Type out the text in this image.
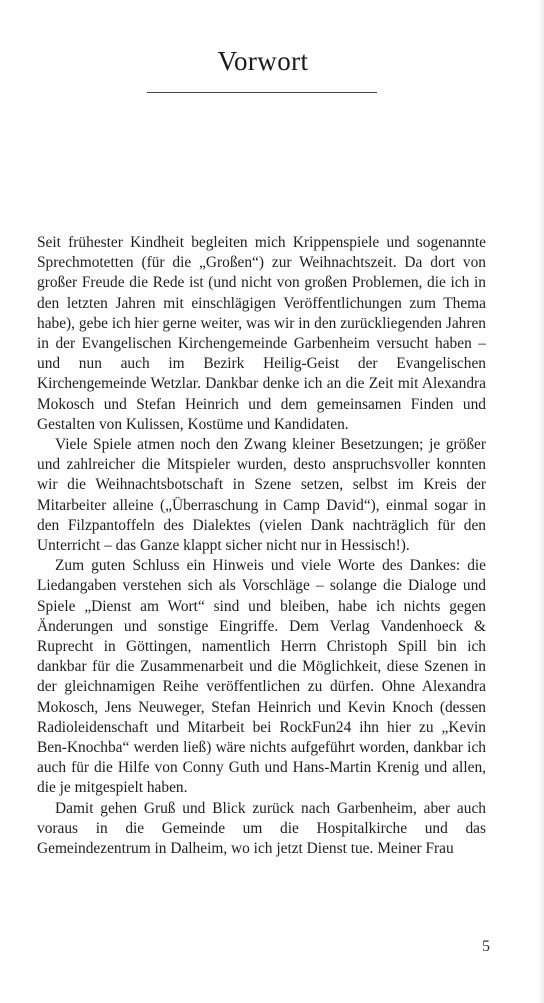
Vorwort

Seit frühester Kindheit begleiten mich Krippenspiele und sogenannte Sprechmotetten (für die „Großen“) zur Weihnachtszeit. Da dort von großer Freude die Rede ist (und nicht von großen Problemen, die ich in den letzten Jahren mit einschlägigen Veröffentlichungen zum Thema habe), gebe ich hier gerne weiter, was wir in den zurückliegenden Jahren in der Evangelischen Kirchengemeinde Garbenheim versucht haben – und nun auch im Bezirk Heilig-Geist der Evangelischen Kirchengemeinde Wetzlar. Dankbar denke ich an die Zeit mit Alexandra Mokosch und Stefan Heinrich und dem gemeinsamen Finden und Gestalten von Kulissen, Kostüme und Kandidaten.

Viele Spiele atmen noch den Zwang kleiner Besetzungen; je größer und zahlreicher die Mitspieler wurden, desto anspruchsvoller konnten wir die Weihnachtsbotschaft in Szene setzen, selbst im Kreis der Mitarbeiter alleine („Überraschung in Camp David“), einmal sogar in den Filzpantoffeln des Dialektes (vielen Dank nachträglich für den Unterricht – das Ganze klappt sicher nicht nur in Hessisch!).

Zum guten Schluss ein Hinweis und viele Worte des Dankes: die Liedangaben verstehen sich als Vorschläge – solange die Dialoge und Spiele „Dienst am Wort“ sind und bleiben, habe ich nichts gegen Änderungen und sonstige Eingriffe. Dem Verlag Vandenhoeck & Ruprecht in Göttingen, namentlich Herrn Christoph Spill bin ich dankbar für die Zusammenarbeit und die Möglichkeit, diese Szenen in der gleichnamigen Reihe veröffentlichen zu dürfen. Ohne Alexandra Mokosch, Jens Neuweger, Stefan Heinrich und Kevin Knoch (dessen Radioleidenschaft und Mitarbeit bei RockFun24 ihn hier zu „Kevin Ben-Knochba“ werden ließ) wäre nichts aufgeführt worden, dankbar ich auch für die Hilfe von Conny Guth und Hans-Martin Krenig und allen, die je mitgespielt haben.

Damit gehen Gruß und Blick zurück nach Garbenheim, aber auch voraus in die Gemeinde um die Hospitalkirche und das Gemeindezentrum in Dalheim, wo ich jetzt Dienst tue. Meiner Frau

5
